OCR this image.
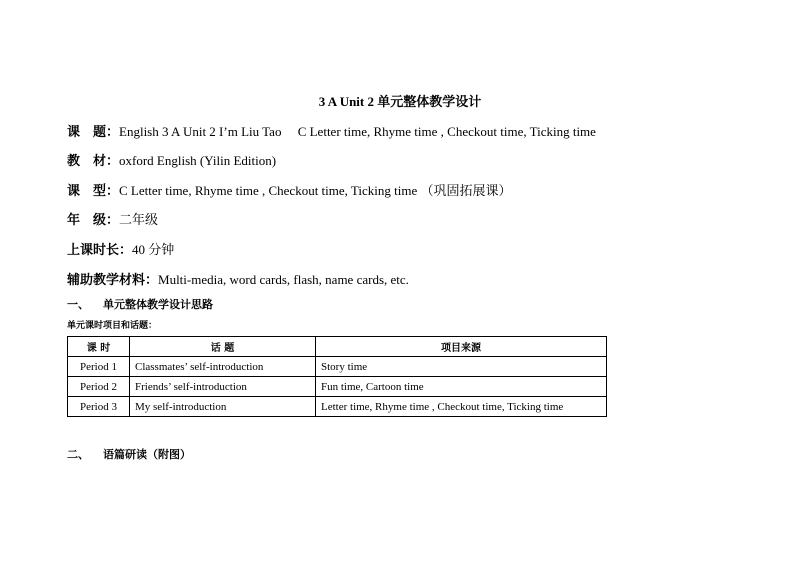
3 A Unit 2 单元整体教学设计
课　题：English 3 A Unit 2 I’m Liu Tao　 C Letter time, Rhyme time , Checkout time, Ticking time
教　材：oxford English (Yilin Edition)
课　型：C Letter time, Rhyme time , Checkout time, Ticking time （巩固拓展课）
年　级：二年级
上课时长：40 分钟
辅助教学材料：Multi-media, word cards, flash, name cards, etc.
一、 单元整体教学设计思路
单元课时项目和话题：
课 时	话 题	项目来源
Period 1	Classmates’ self-introduction	Story time
Period 2	Friends’ self-introduction	Fun time, Cartoon time
Period 3	My self-introduction	Letter time, Rhyme time , Checkout time, Ticking time
二、 语篇研读（附图）
